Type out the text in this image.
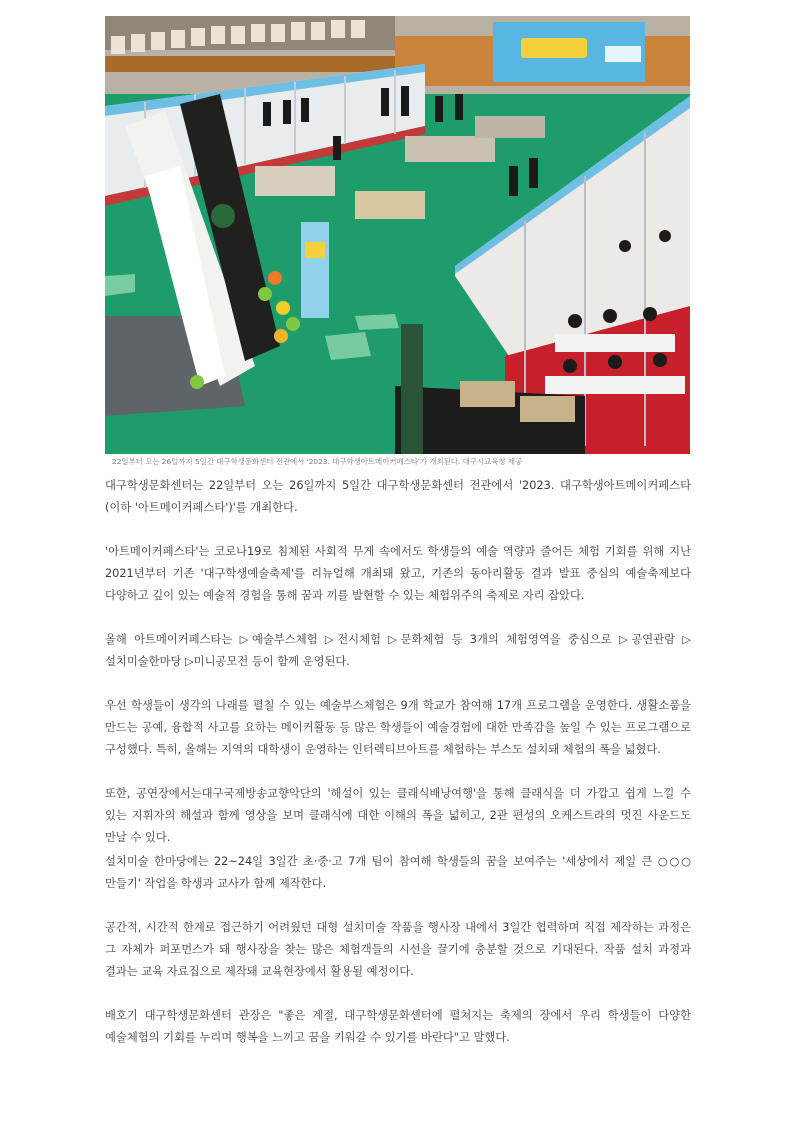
22일부터 오는 26일까지 5일간 대구학생문화센터 전관에서 '2023. 대구학생아트메이커페스타'가 개최된다. 대구시교육청 제공

대구학생문화센터는 22일부터 오는 26일까지 5일간 대구학생문화센터 전관에서 '2023. 대구학생아트메이커페스타(이하 '아트메이커페스타')'를 개최한다.

'아트메이커페스타'는 코로나19로 침체된 사회적 무게 속에서도 학생들의 예술 역량과 줄어든 체험 기회를 위해 지난 2021년부터 기존 '대구학생예술축제'를 리뉴얼해 개최돼 왔고, 기존의 동아리활동 결과 발표 중심의 예술축제보다 다양하고 깊이 있는 예술적 경험을 통해 꿈과 끼를 발현할 수 있는 체험위주의 축제로 자리 잡았다.

올해 아트메이커페스타는 ▷예술부스체험 ▷전시체험 ▷문화체험 등 3개의 체험영역을 중심으로 ▷공연관람 ▷설치미술한마당 ▷미니공모전 등이 함께 운영된다.

우선 학생들이 생각의 나래를 펼칠 수 있는 예술부스체험은 9개 학교가 참여해 17개 프로그램을 운영한다. 생활소품을 만드는 공예, 융합적 사고를 요하는 메이커활동 등 많은 학생들이 예술경험에 대한 만족감을 높일 수 있는 프로그램으로 구성했다. 특히, 올해는 지역의 대학생이 운영하는 인터렉티브아트를 체험하는 부스도 설치돼 체험의 폭을 넓혔다.

또한, 공연장에서는대구국제방송교향악단의 '해설이 있는 클래식배낭여행'을 통해 클래식을 더 가깝고 쉽게 느낄 수 있는 지휘자의 해설과 함께 영상을 보며 클래식에 대한 이해의 폭을 넓히고, 2관 편성의 오케스트라의 멋진 사운드도 만날 수 있다.

설치미술 한마당에는 22~24일 3일간 초·중·고 7개 팀이 참여해 학생들의 꿈을 보여주는 '세상에서 제일 큰 ○○○ 만들기' 작업을 학생과 교사가 함께 제작한다.

공간적, 시간적 한계로 접근하기 어려웠던 대형 설치미술 작품을 행사장 내에서 3일간 협력하며 직접 제작하는 과정은 그 자체가 퍼포먼스가 돼 행사장을 찾는 많은 체험객들의 시선을 끌기에 충분할 것으로 기대된다. 작품 설치 과정과 결과는 교육 자료집으로 제작돼 교육현장에서 활용될 예정이다.

배호기 대구학생문화센터 관장은 "좋은 계절, 대구학생문화센터에 펼쳐지는 축제의 장에서 우리 학생들이 다양한 예술체험의 기회를 누리며 행복을 느끼고 꿈을 키워갈 수 있기를 바란다"고 말했다.
